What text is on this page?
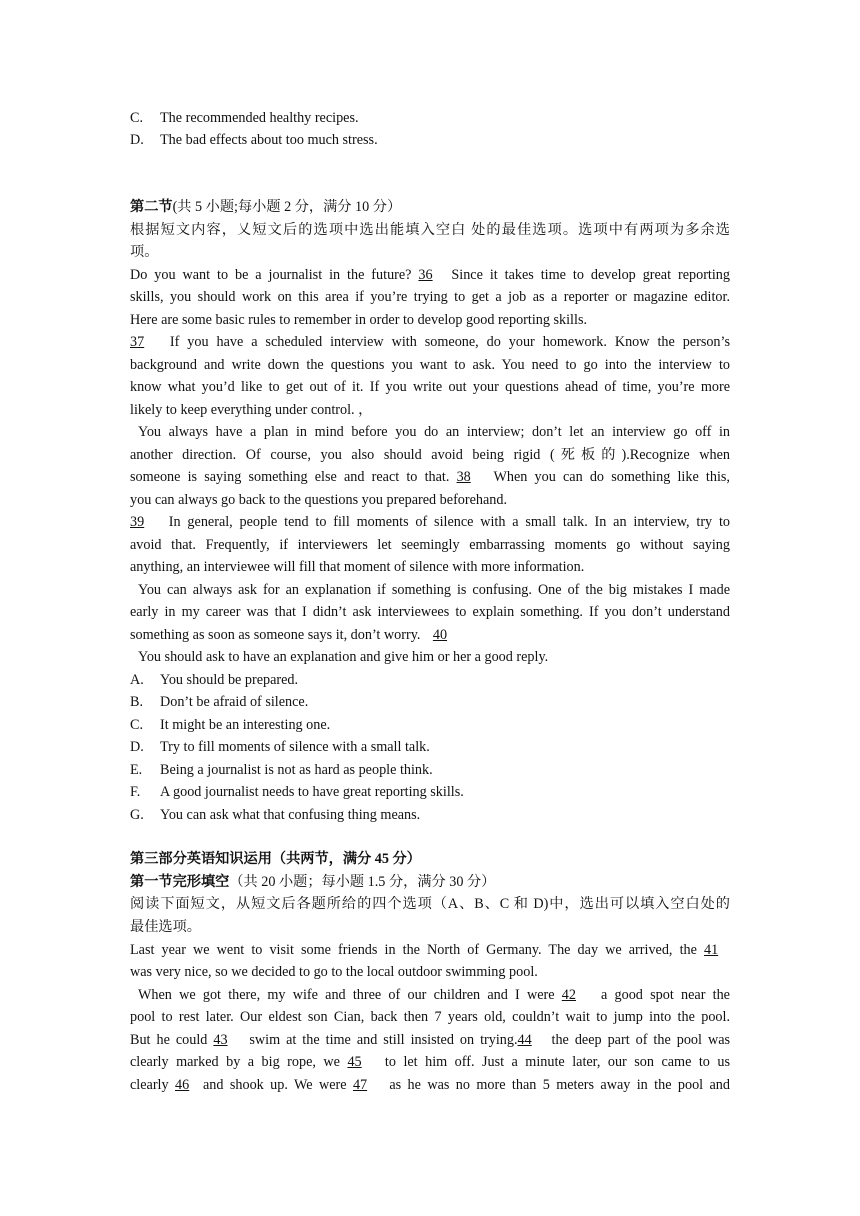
C. The recommended healthy recipes.
D. The bad effects about too much stress.
第二节(共 5 小题;每小题 2 分，满分 10 分）
根据短文内容，乂短文后的选项中选出能填入空白 处的最佳选项。选项中有两项为多余选
项。
Do you want to be a journalist in the future? 36 Since it takes time to develop great reporting
skills, you should work on this area if you’re trying to get a job as a reporter or magazine editor.
Here are some basic rules to remember in order to develop good reporting skills.
37 If you have a scheduled interview with someone, do your homework. Know the person’s
background and write down the questions you want to ask. You need to go into the interview to
know what you’d like to get out of it. If you write out your questions ahead of time, you’re more
likely to keep everything under control. ，
You always have a plan in mind before you do an interview; don’t let an interview go off in
another direction. Of course, you also should avoid being rigid (死板的).Recognize when
someone is saying something else and react to that. 38 When you can do something like this,
you can always go back to the questions you prepared beforehand.
39 In general, people tend to fill moments of silence with a small talk. In an interview, try to
avoid that. Frequently, if interviewers let seemingly embarrassing moments go without saying
anything, an interviewee will fill that moment of silence with more information.
You can always ask for an explanation if something is confusing. One of the big mistakes I made
early in my career was that I didn’t ask interviewees to explain something. If you don’t understand
something as soon as someone says it, don’t worry. 40
You should ask to have an explanation and give him or her a good reply.
A. You should be prepared.
B. Don’t be afraid of silence.
C. It might be an interesting one.
D. Try to fill moments of silence with a small talk.
E. Being a journalist is not as hard as people think.
F. A good journalist needs to have great reporting skills.
G. You can ask what that confusing thing means.
第三部分英语知识运用（共两节，满分 45 分）
第一节完形填空（共 20 小题；每小题 1.5 分，满分 30 分）
阅读下面短文，从短文后各题所给的四个选项（A、B、C 和 D)中，选出可以填入空白处的
最佳选项。
Last year we went to visit some friends in the North of Germany. The day we arrived, the 41
was very nice, so we decided to go to the local outdoor swimming pool.
When we got there, my wife and three of our children and I were 42 a good spot near the
pool to rest later. Our eldest son Cian, back then 7 years old, couldn’t wait to jump into the pool.
But he could 43 swim at the time and still insisted on trying.44 the deep part of the pool was
clearly marked by a big rope, we 45 to let him off. Just a minute later, our son came to us
clearly 46 and shook up. We were 47 as he was no more than 5 meters away in the pool and
